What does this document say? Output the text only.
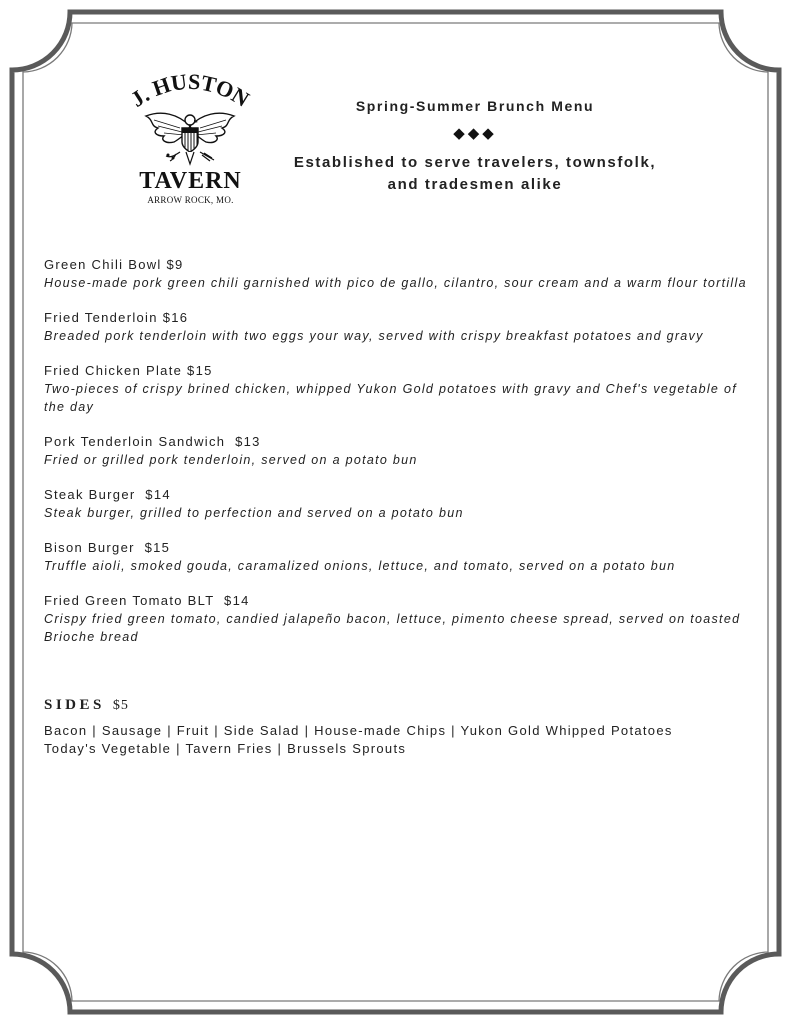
J. HUSTON
TAVERN
ARROW ROCK, MO.
Spring-Summer Brunch Menu
◆◆◆
Established to serve travelers, townsfolk,
and tradesmen alike
Green Chili Bowl $9
House-made pork green chili garnished with pico de gallo, cilantro, sour cream and a warm flour tortilla
Fried Tenderloin $16
Breaded pork tenderloin with two eggs your way, served with crispy breakfast potatoes and gravy
Fried Chicken Plate $15
Two-pieces of crispy brined chicken, whipped Yukon Gold potatoes with gravy and Chef's vegetable of the day
Pork Tenderloin Sandwich  $13
Fried or grilled pork tenderloin, served on a potato bun
Steak Burger  $14
Steak burger, grilled to perfection and served on a potato bun
Bison Burger  $15
Truffle aioli, smoked gouda, caramalized onions, lettuce, and tomato, served on a potato bun
Fried Green Tomato BLT  $14
Crispy fried green tomato, candied jalapeño bacon, lettuce, pimento cheese spread, served on toasted Brioche bread
SIDES $5
Bacon | Sausage | Fruit | Side Salad | House-made Chips | Yukon Gold Whipped Potatoes
Today's Vegetable | Tavern Fries | Brussels Sprouts
